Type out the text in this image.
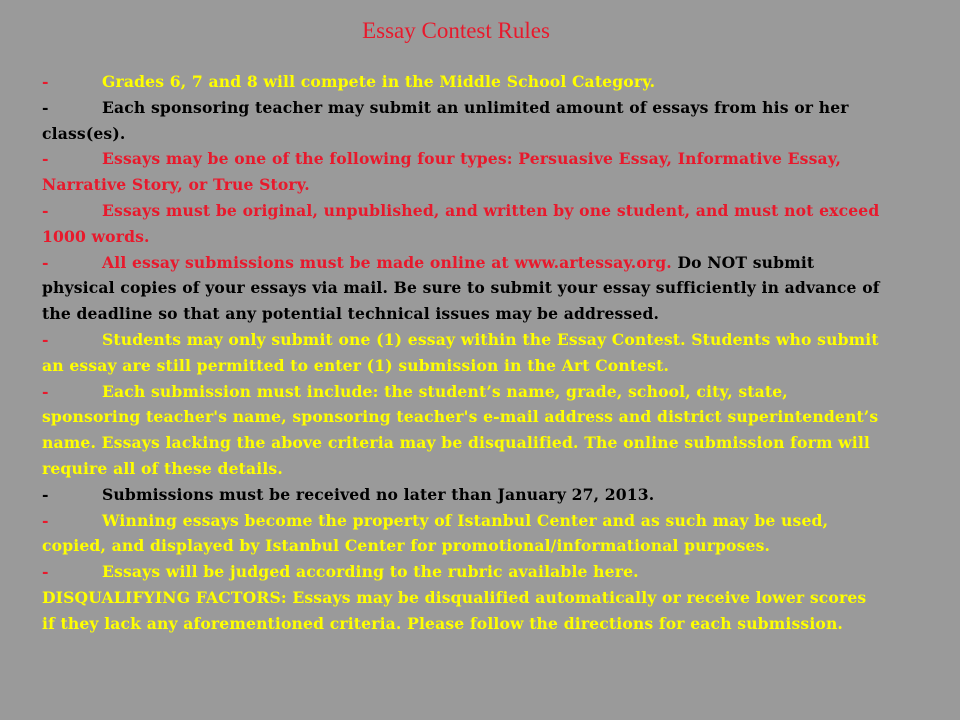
Essay Contest Rules
-	Grades 6, 7 and 8 will compete in the Middle School Category.
-	Each sponsoring teacher may submit an unlimited amount of essays from his or her class(es).
-	Essays may be one of the following four types: Persuasive Essay, Informative Essay, Narrative Story, or True Story.
-	Essays must be original, unpublished, and written by one student, and must not exceed 1000 words.
-	All essay submissions must be made online at www.artessay.org. Do NOT submit physical copies of your essays via mail. Be sure to submit your essay sufficiently in advance of the deadline so that any potential technical issues may be addressed.
-	Students may only submit one (1) essay within the Essay Contest. Students who submit an essay are still permitted to enter (1) submission in the Art Contest.
-	Each submission must include: the student’s name, grade, school, city, state, sponsoring teacher's name, sponsoring teacher's e-mail address and district superintendent’s name. Essays lacking the above criteria may be disqualified. The online submission form will require all of these details.
-	Submissions must be received no later than January 27, 2013.
-	Winning essays become the property of Istanbul Center and as such may be used, copied, and displayed by Istanbul Center for promotional/informational purposes.
-	Essays will be judged according to the rubric available here.
DISQUALIFYING FACTORS: Essays may be disqualified automatically or receive lower scores if they lack any aforementioned criteria. Please follow the directions for each submission.
